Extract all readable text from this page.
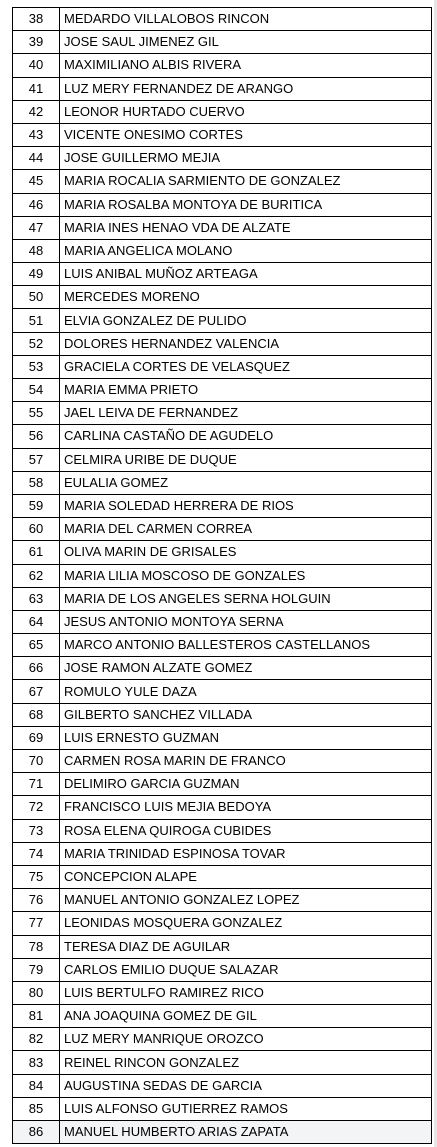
38	MEDARDO VILLALOBOS RINCON
39	JOSE SAUL JIMENEZ GIL
40	MAXIMILIANO ALBIS RIVERA
41	LUZ MERY FERNANDEZ DE ARANGO
42	LEONOR HURTADO CUERVO
43	VICENTE ONESIMO CORTES
44	JOSE GUILLERMO MEJIA
45	MARIA ROCALIA SARMIENTO DE GONZALEZ
46	MARIA ROSALBA MONTOYA DE BURITICA
47	MARIA INES HENAO VDA DE ALZATE
48	MARIA ANGELICA MOLANO
49	LUIS ANIBAL MUÑOZ ARTEAGA
50	MERCEDES MORENO
51	ELVIA GONZALEZ DE PULIDO
52	DOLORES HERNANDEZ VALENCIA
53	GRACIELA CORTES DE VELASQUEZ
54	MARIA EMMA PRIETO
55	JAEL LEIVA DE FERNANDEZ
56	CARLINA CASTAÑO DE AGUDELO
57	CELMIRA URIBE DE DUQUE
58	EULALIA GOMEZ
59	MARIA SOLEDAD HERRERA DE RIOS
60	MARIA DEL CARMEN CORREA
61	OLIVA MARIN DE GRISALES
62	MARIA LILIA MOSCOSO DE GONZALES
63	MARIA DE LOS ANGELES SERNA HOLGUIN
64	JESUS ANTONIO MONTOYA SERNA
65	MARCO ANTONIO BALLESTEROS CASTELLANOS
66	JOSE RAMON ALZATE GOMEZ
67	ROMULO YULE DAZA
68	GILBERTO SANCHEZ VILLADA
69	LUIS ERNESTO GUZMAN
70	CARMEN ROSA MARIN DE FRANCO
71	DELIMIRO GARCIA GUZMAN
72	FRANCISCO LUIS MEJIA BEDOYA
73	ROSA ELENA QUIROGA CUBIDES
74	MARIA TRINIDAD ESPINOSA TOVAR
75	CONCEPCION ALAPE
76	MANUEL ANTONIO GONZALEZ LOPEZ
77	LEONIDAS MOSQUERA GONZALEZ
78	TERESA DIAZ DE AGUILAR
79	CARLOS EMILIO DUQUE SALAZAR
80	LUIS BERTULFO RAMIREZ RICO
81	ANA JOAQUINA GOMEZ DE GIL
82	LUZ MERY MANRIQUE OROZCO
83	REINEL RINCON GONZALEZ
84	AUGUSTINA SEDAS DE GARCIA
85	LUIS ALFONSO GUTIERREZ RAMOS
86	MANUEL HUMBERTO ARIAS ZAPATA
